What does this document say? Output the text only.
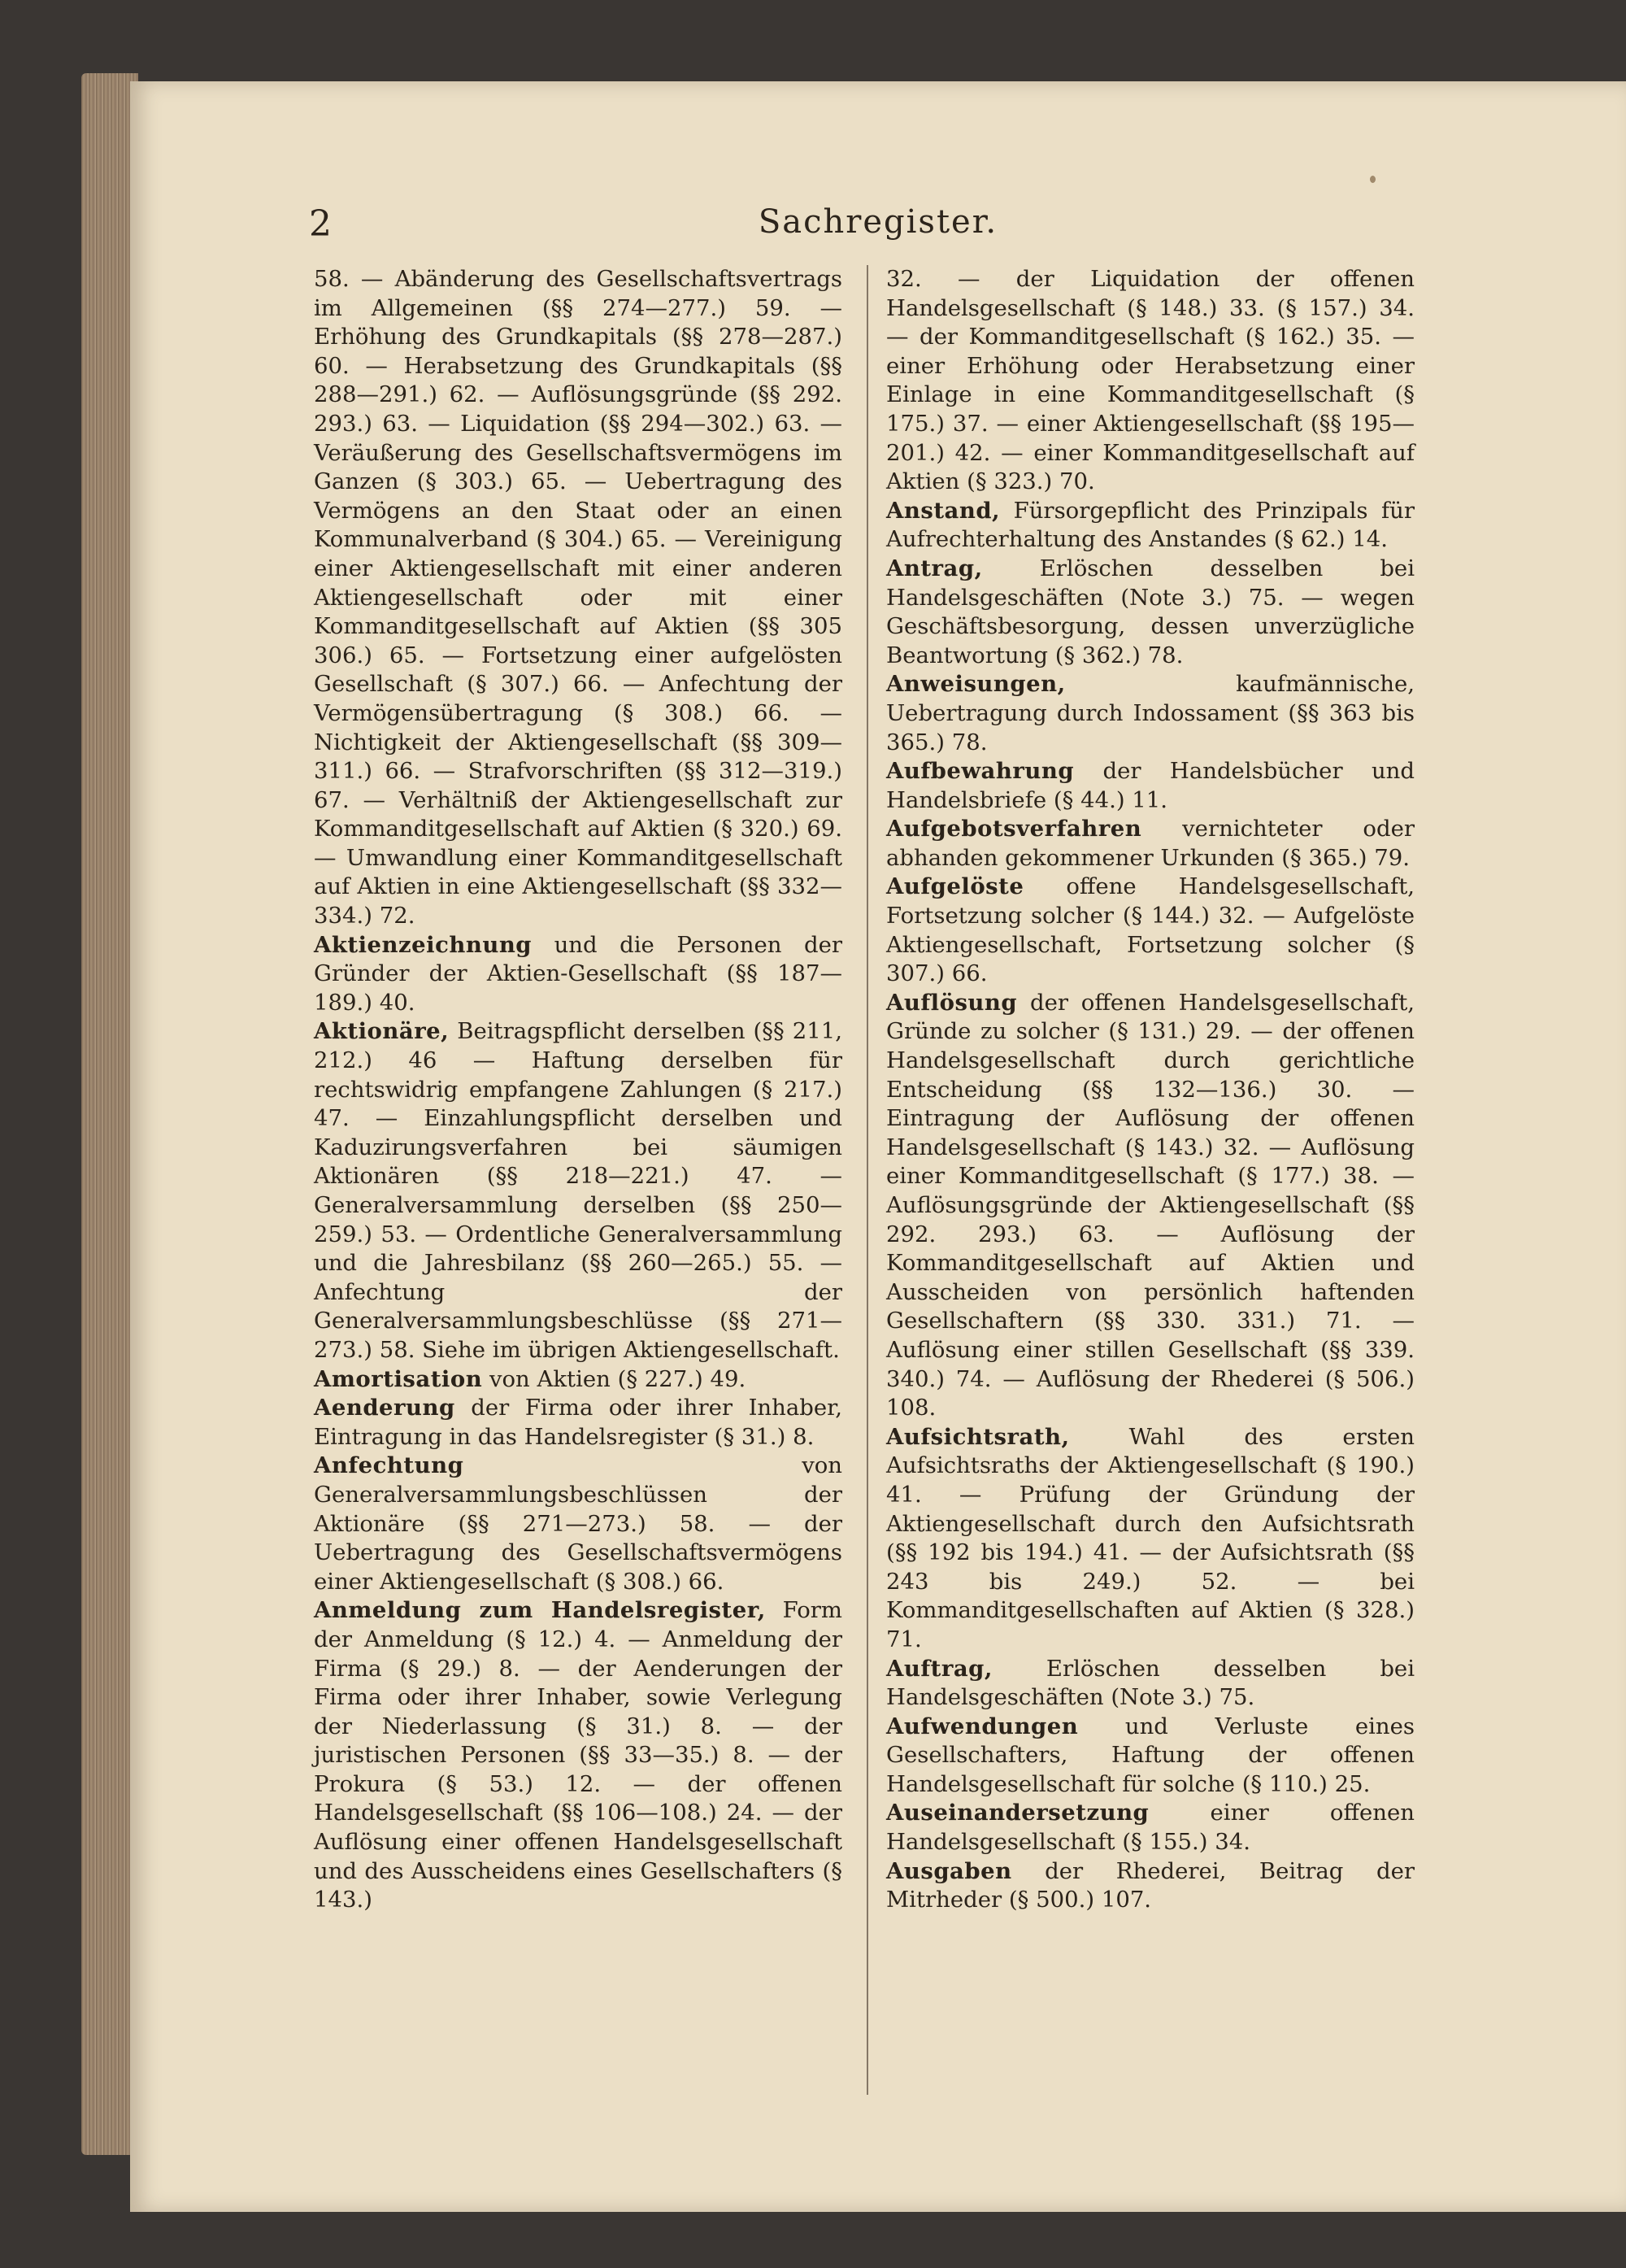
2	Sachregister.

58. — Abänderung des Gesellschaftsvertrags im Allgemeinen (§§ 274—277.) 59. — Erhöhung des Grundkapitals (§§ 278—287.) 60. — Herabsetzung des Grundkapitals (§§ 288—291.) 62. — Auflösungsgründe (§§ 292. 293.) 63. — Liquidation (§§ 294—302.) 63. — Veräußerung des Gesellschaftsvermögens im Ganzen (§ 303.) 65. — Uebertragung des Vermögens an den Staat oder an einen Kommunalverband (§ 304.) 65. — Vereinigung einer Aktiengesellschaft mit einer anderen Aktiengesellschaft oder mit einer Kommanditgesellschaft auf Aktien (§§ 305 306.) 65. — Fortsetzung einer aufgelösten Gesellschaft (§ 307.) 66. — Anfechtung der Vermögensübertragung (§ 308.) 66. — Nichtigkeit der Aktiengesellschaft (§§ 309—311.) 66. — Strafvorschriften (§§ 312—319.) 67. — Verhältniß der Aktiengesellschaft zur Kommanditgesellschaft auf Aktien (§ 320.) 69. — Umwandlung einer Kommanditgesellschaft auf Aktien in eine Aktiengesellschaft (§§ 332—334.) 72.

Aktienzeichnung und die Personen der Gründer der Aktien-Gesellschaft (§§ 187—189.) 40.

Aktionäre, Beitragspflicht derselben (§§ 211, 212.) 46 — Haftung derselben für rechtswidrig empfangene Zahlungen (§ 217.) 47. — Einzahlungspflicht derselben und Kaduzirungsverfahren bei säumigen Aktionären (§§ 218—221.) 47. — Generalversammlung derselben (§§ 250—259.) 53. — Ordentliche Generalversammlung und die Jahresbilanz (§§ 260—265.) 55. — Anfechtung der Generalversammlungsbeschlüsse (§§ 271—273.) 58. Siehe im übrigen Aktiengesellschaft.

Amortisation von Aktien (§ 227.) 49.

Aenderung der Firma oder ihrer Inhaber, Eintragung in das Handelsregister (§ 31.) 8.

Anfechtung von Generalversammlungsbeschlüssen der Aktionäre (§§ 271—273.) 58. — der Uebertragung des Gesellschaftsvermögens einer Aktiengesellschaft (§ 308.) 66.

Anmeldung zum Handelsregister, Form der Anmeldung (§ 12.) 4. — Anmeldung der Firma (§ 29.) 8. — der Aenderungen der Firma oder ihrer Inhaber, sowie Verlegung der Niederlassung (§ 31.) 8. — der juristischen Personen (§§ 33—35.) 8. — der Prokura (§ 53.) 12. — der offenen Handelsgesellschaft (§§ 106—108.) 24. — der Auflösung einer offenen Handelsgesellschaft und des Ausscheidens eines Gesellschafters (§ 143.)

32. — der Liquidation der offenen Handelsgesellschaft (§ 148.) 33. (§ 157.) 34. — der Kommanditgesellschaft (§ 162.) 35. — einer Erhöhung oder Herabsetzung einer Einlage in eine Kommanditgesellschaft (§ 175.) 37. — einer Aktiengesellschaft (§§ 195—201.) 42. — einer Kommanditgesellschaft auf Aktien (§ 323.) 70.

Anstand, Fürsorgepflicht des Prinzipals für Aufrechterhaltung des Anstandes (§ 62.) 14.

Antrag, Erlöschen desselben bei Handelsgeschäften (Note 3.) 75. — wegen Geschäftsbesorgung, dessen unverzügliche Beantwortung (§ 362.) 78.

Anweisungen, kaufmännische, Uebertragung durch Indossament (§§ 363 bis 365.) 78.

Aufbewahrung der Handelsbücher und Handelsbriefe (§ 44.) 11.

Aufgebotsverfahren vernichteter oder abhanden gekommener Urkunden (§ 365.) 79.

Aufgelöste offene Handelsgesellschaft, Fortsetzung solcher (§ 144.) 32. — Aufgelöste Aktiengesellschaft, Fortsetzung solcher (§ 307.) 66.

Auflösung der offenen Handelsgesellschaft, Gründe zu solcher (§ 131.) 29. — der offenen Handelsgesellschaft durch gerichtliche Entscheidung (§§ 132—136.) 30. — Eintragung der Auflösung der offenen Handelsgesellschaft (§ 143.) 32. — Auflösung einer Kommanditgesellschaft (§ 177.) 38. — Auflösungsgründe der Aktiengesellschaft (§§ 292. 293.) 63. — Auflösung der Kommanditgesellschaft auf Aktien und Ausscheiden von persönlich haftenden Gesellschaftern (§§ 330. 331.) 71. — Auflösung einer stillen Gesellschaft (§§ 339. 340.) 74. — Auflösung der Rhederei (§ 506.) 108.

Aufsichtsrath, Wahl des ersten Aufsichtsraths der Aktiengesellschaft (§ 190.) 41. — Prüfung der Gründung der Aktiengesellschaft durch den Aufsichtsrath (§§ 192 bis 194.) 41. — der Aufsichtsrath (§§ 243 bis 249.) 52. — bei Kommanditgesellschaften auf Aktien (§ 328.) 71.

Auftrag, Erlöschen desselben bei Handelsgeschäften (Note 3.) 75.

Aufwendungen und Verluste eines Gesellschafters, Haftung der offenen Handelsgesellschaft für solche (§ 110.) 25.

Auseinandersetzung einer offenen Handelsgesellschaft (§ 155.) 34.

Ausgaben der Rhederei, Beitrag der Mitrheder (§ 500.) 107.
